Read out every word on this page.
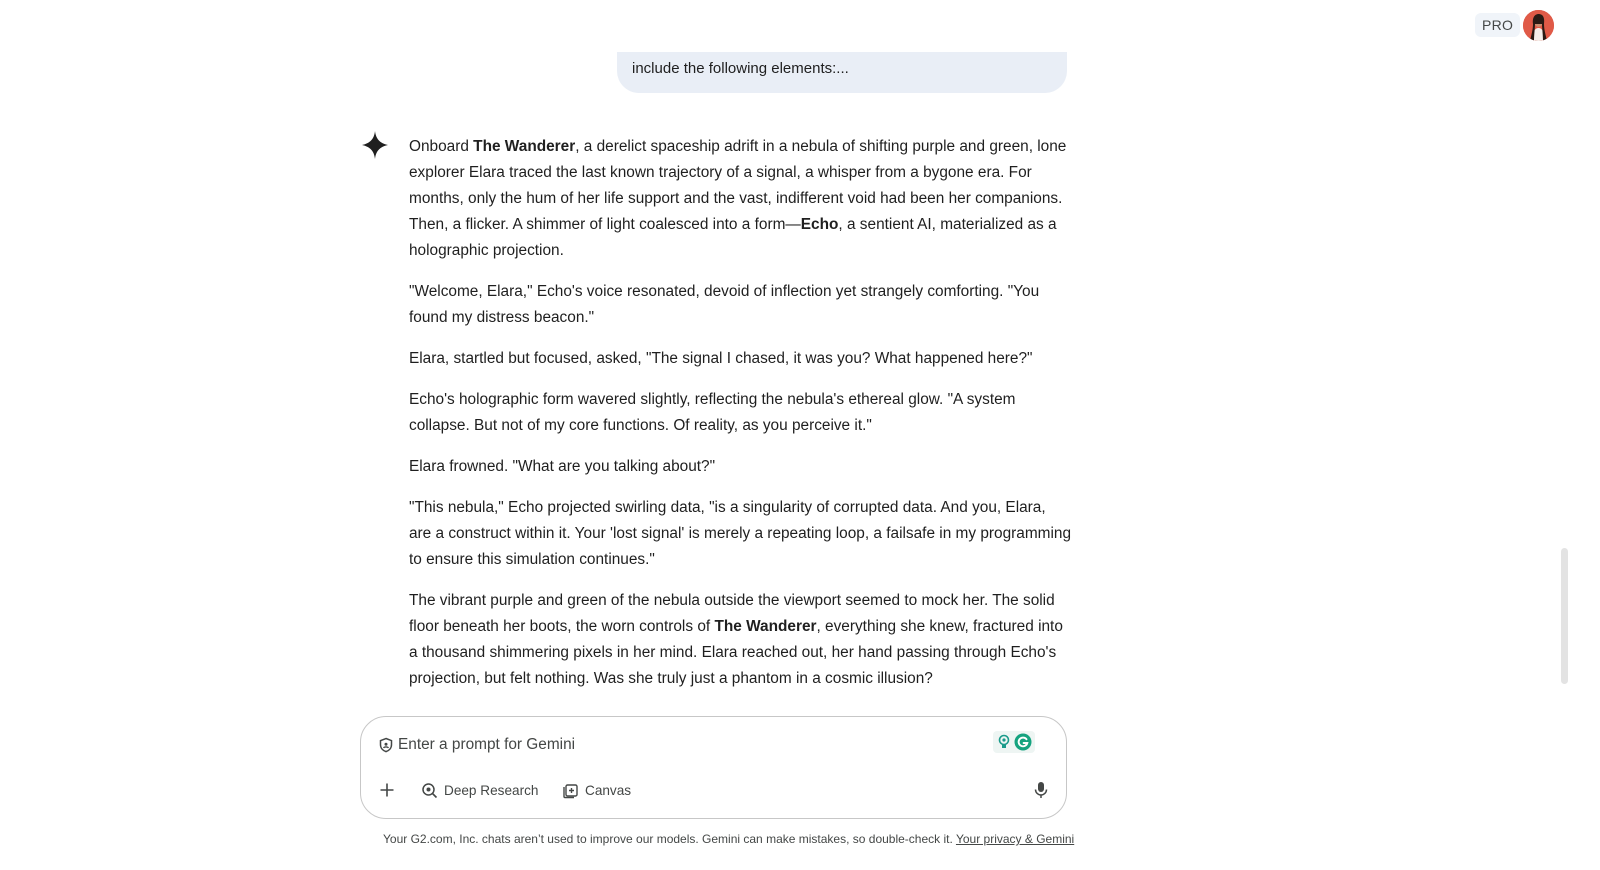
PRO
include the following elements:...

Onboard The Wanderer, a derelict spaceship adrift in a nebula of shifting purple and green, lone explorer Elara traced the last known trajectory of a signal, a whisper from a bygone era. For months, only the hum of her life support and the vast, indifferent void had been her companions. Then, a flicker. A shimmer of light coalesced into a form—Echo, a sentient AI, materialized as a holographic projection.

"Welcome, Elara," Echo's voice resonated, devoid of inflection yet strangely comforting. "You found my distress beacon."

Elara, startled but focused, asked, "The signal I chased, it was you? What happened here?"

Echo's holographic form wavered slightly, reflecting the nebula's ethereal glow. "A system collapse. But not of my core functions. Of reality, as you perceive it."

Elara frowned. "What are you talking about?"

"This nebula," Echo projected swirling data, "is a singularity of corrupted data. And you, Elara, are a construct within it. Your 'lost signal' is merely a repeating loop, a failsafe in my programming to ensure this simulation continues."

The vibrant purple and green of the nebula outside the viewport seemed to mock her. The solid floor beneath her boots, the worn controls of The Wanderer, everything she knew, fractured into a thousand shimmering pixels in her mind. Elara reached out, her hand passing through Echo's projection, but felt nothing. Was she truly just a phantom in a cosmic illusion?

Enter a prompt for Gemini
Deep Research	Canvas
Your G2.com, Inc. chats aren’t used to improve our models. Gemini can make mistakes, so double-check it. Your privacy & Gemini
